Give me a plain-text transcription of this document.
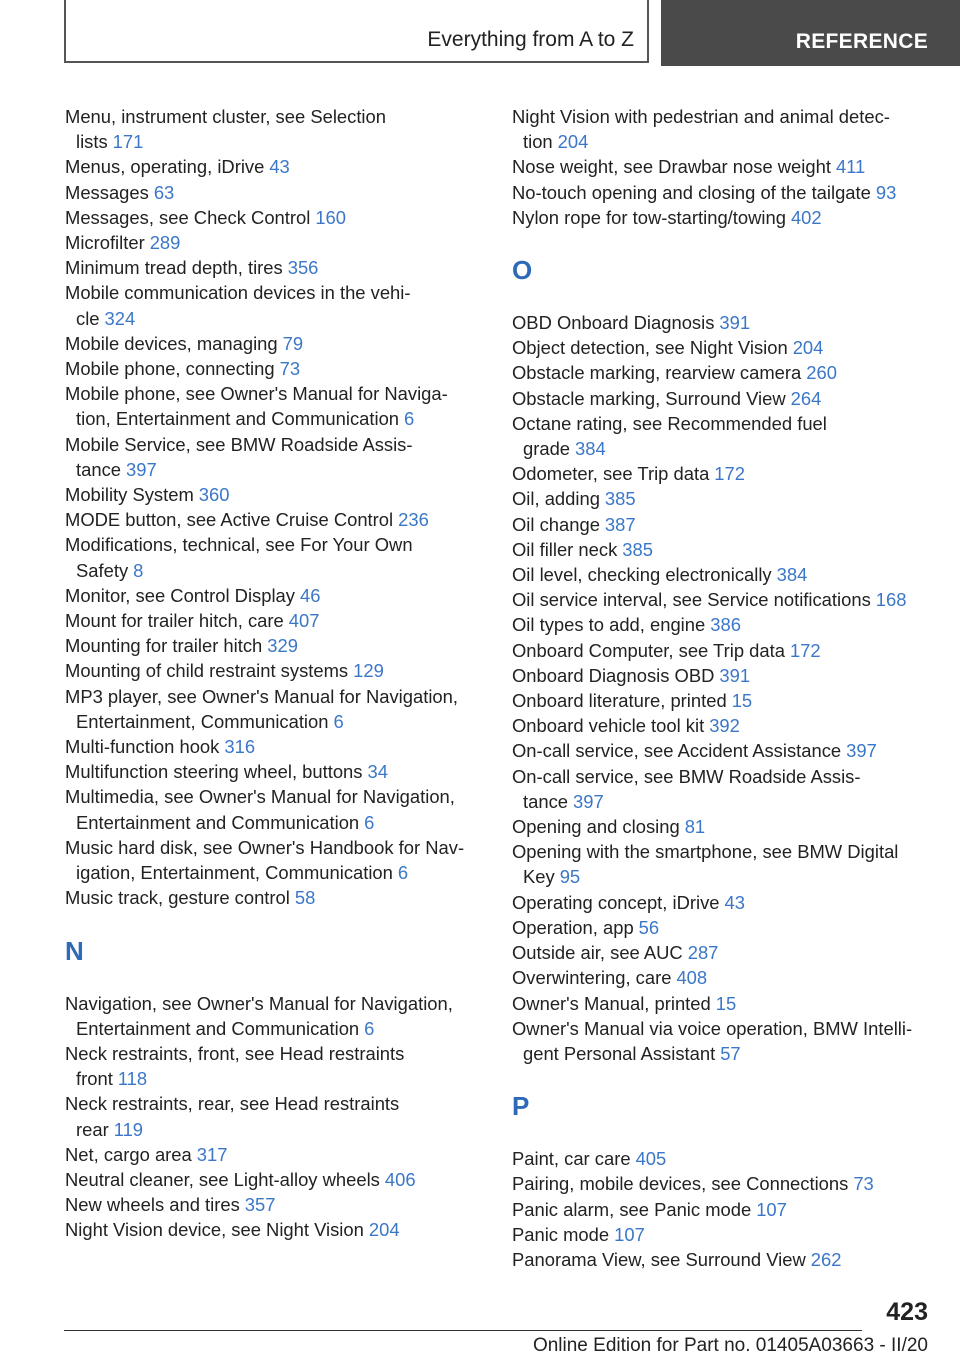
Everything from A to Z	REFERENCE
Menu, instrument cluster, see Selection
lists 171
Menus, operating, iDrive 43
Messages 63
Messages, see Check Control 160
Microfilter 289
Minimum tread depth, tires 356
Mobile communication devices in the vehi-
cle 324
Mobile devices, managing 79
Mobile phone, connecting 73
Mobile phone, see Owner's Manual for Naviga-
tion, Entertainment and Communication 6
Mobile Service, see BMW Roadside Assis-
tance 397
Mobility System 360
MODE button, see Active Cruise Control 236
Modifications, technical, see For Your Own
Safety 8
Monitor, see Control Display 46
Mount for trailer hitch, care 407
Mounting for trailer hitch 329
Mounting of child restraint systems 129
MP3 player, see Owner's Manual for Navigation,
Entertainment, Communication 6
Multi-function hook 316
Multifunction steering wheel, buttons 34
Multimedia, see Owner's Manual for Navigation,
Entertainment and Communication 6
Music hard disk, see Owner's Handbook for Nav-
igation, Entertainment, Communication 6
Music track, gesture control 58
N
Navigation, see Owner's Manual for Navigation,
Entertainment and Communication 6
Neck restraints, front, see Head restraints
front 118
Neck restraints, rear, see Head restraints
rear 119
Net, cargo area 317
Neutral cleaner, see Light-alloy wheels 406
New wheels and tires 357
Night Vision device, see Night Vision 204
Night Vision with pedestrian and animal detec-
tion 204
Nose weight, see Drawbar nose weight 411
No-touch opening and closing of the tailgate 93
Nylon rope for tow-starting/towing 402
O
OBD Onboard Diagnosis 391
Object detection, see Night Vision 204
Obstacle marking, rearview camera 260
Obstacle marking, Surround View 264
Octane rating, see Recommended fuel
grade 384
Odometer, see Trip data 172
Oil, adding 385
Oil change 387
Oil filler neck 385
Oil level, checking electronically 384
Oil service interval, see Service notifications 168
Oil types to add, engine 386
Onboard Computer, see Trip data 172
Onboard Diagnosis OBD 391
Onboard literature, printed 15
Onboard vehicle tool kit 392
On-call service, see Accident Assistance 397
On-call service, see BMW Roadside Assis-
tance 397
Opening and closing 81
Opening with the smartphone, see BMW Digital
Key 95
Operating concept, iDrive 43
Operation, app 56
Outside air, see AUC 287
Overwintering, care 408
Owner's Manual, printed 15
Owner's Manual via voice operation, BMW Intelli-
gent Personal Assistant 57
P
Paint, car care 405
Pairing, mobile devices, see Connections 73
Panic alarm, see Panic mode 107
Panic mode 107
Panorama View, see Surround View 262
423
Online Edition for Part no. 01405A03663 - II/20
